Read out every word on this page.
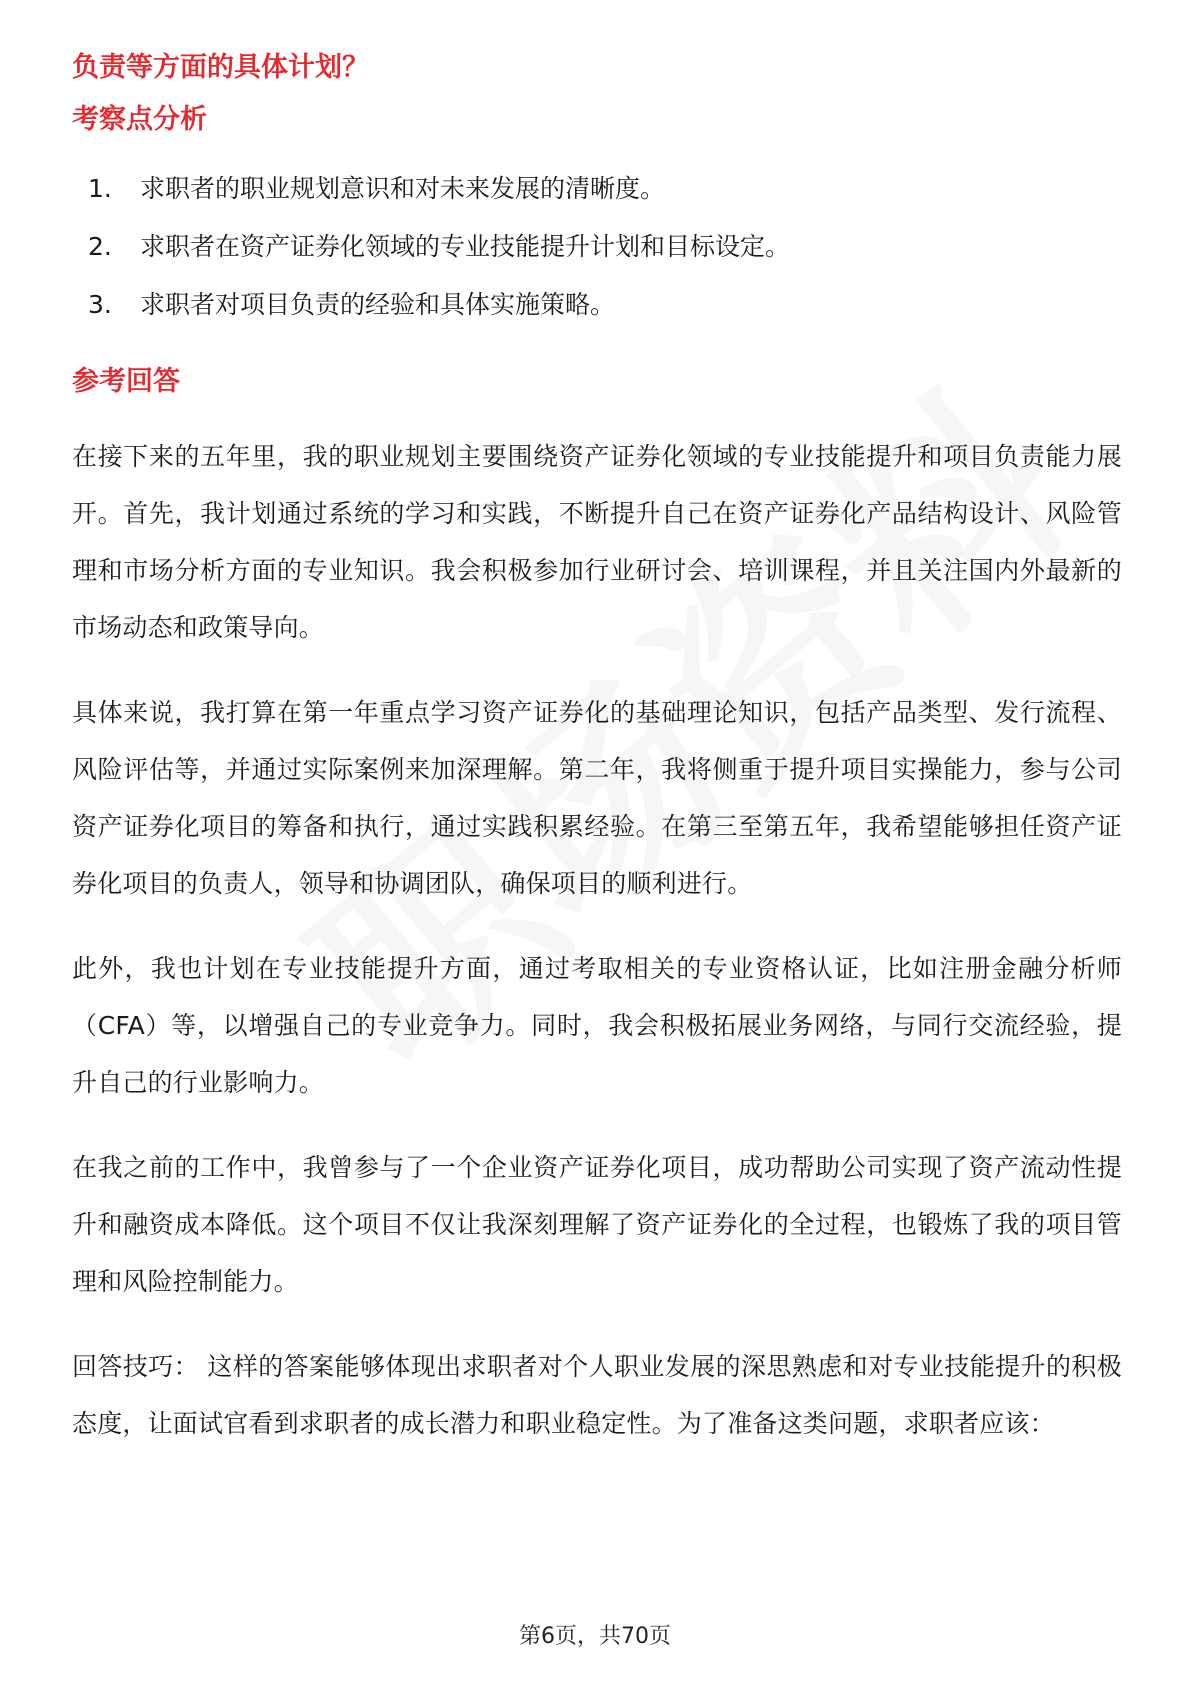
负责等方面的具体计划？
考察点分析
1.	求职者的职业规划意识和对未来发展的清晰度。
2.	求职者在资产证券化领域的专业技能提升计划和目标设定。
3.	求职者对项目负责的经验和具体实施策略。
参考回答

在接下来的五年里，我的职业规划主要围绕资产证券化领域的专业技能提升和项目负责能力展开。首先，我计划通过系统的学习和实践，不断提升自己在资产证券化产品结构设计、风险管理和市场分析方面的专业知识。我会积极参加行业研讨会、培训课程，并且关注国内外最新的市场动态和政策导向。

具体来说，我打算在第一年重点学习资产证券化的基础理论知识，包括产品类型、发行流程、风险评估等，并通过实际案例来加深理解。第二年，我将侧重于提升项目实操能力，参与公司资产证券化项目的筹备和执行，通过实践积累经验。在第三至第五年，我希望能够担任资产证券化项目的负责人，领导和协调团队，确保项目的顺利进行。

此外，我也计划在专业技能提升方面，通过考取相关的专业资格认证，比如注册金融分析师（CFA）等，以增强自己的专业竞争力。同时，我会积极拓展业务网络，与同行交流经验，提升自己的行业影响力。

在我之前的工作中，我曾参与了一个企业资产证券化项目，成功帮助公司实现了资产流动性提升和融资成本降低。这个项目不仅让我深刻理解了资产证券化的全过程，也锻炼了我的项目管理和风险控制能力。

回答技巧： 这样的答案能够体现出求职者对个人职业发展的深思熟虑和对专业技能提升的积极态度，让面试官看到求职者的成长潜力和职业稳定性。为了准备这类问题，求职者应该：

第6页，共70页
